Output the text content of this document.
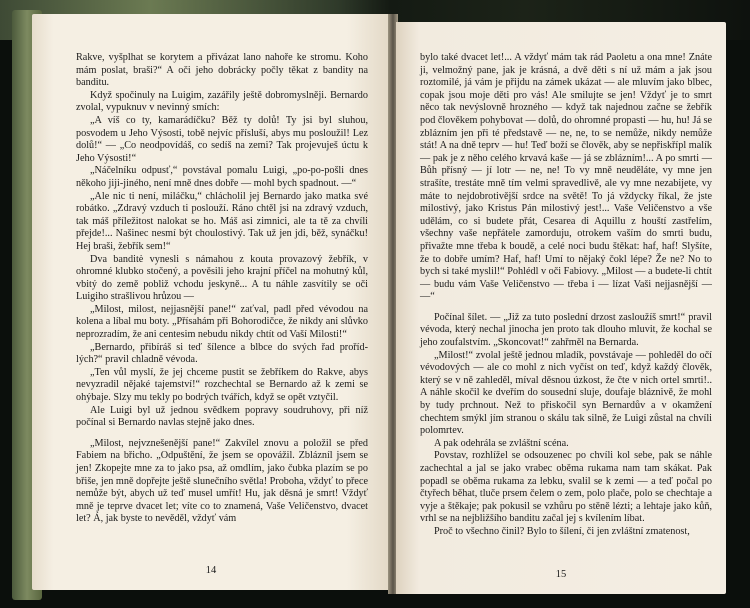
Rakve, vyšplhat se korytem a přivázat lano nahoře ke stromu. Koho mám poslat, braši?“ A oči jeho dobrácky počly těkat z bandity na banditu.

Když spočinuly na Luigim, zazářily ještě dobromyslněji. Bernardo zvolal, vypuknuv v nevinný smích:

„A víš co ty, kamarádíčku? Běž ty dolů! Ty jsi byl sluhou, posvodem u Jeho Výsosti, tobě nejvíc přísluší, abys mu posloužil! Lez dolů!“ — „Co neodpovídáš, co sedíš na zemi? Tak projevuješ úctu k Jeho Výsosti!“

„Náčelníku odpusť,“ povstával pomalu Luigi, „po-po-pošli dnes někoho jiji-jiného, není mně dnes dobře — mohl bych spadnout. —“

„Ale nic ti není, miláčku,“ chlácholil jej Bernardo jako matka své robátko. „Zdravý vzduch ti poslouží. Ráno chtěl jsi na zdravý vzduch, tak máš příležitost nalokat se ho. Máš asi zimnici, ale ta tě za chvíli přejde!... Našinec nesmí být choulostivý. Tak už jen jdi, běž, synáčku! Hej braši, žebřík sem!“

Dva banditė vynesli s námahou z kouta provazový žebřík, v ohromné klubko stočený, a pověsili jeho krajní příčel na mohutný kůl, vbitý do země pobliž vchodu jeskyně... A tu náhle zasvítily se oči Luigiho strašlivou hrůzou —

„Milost, milost, nejjasnější pane!“ zaťval, padl před vévodou na kolena a líbal mu boty. „Přísahám při Bohorodičce, že nikdy ani slůvko neprozradím, že ani centesim nebudu nikdy chtít od Vaší Milosti!“

„Bernardo, přibíráš si teď šílence a blbce do svých řad proříd-lých?“ pravil chladně vévoda.

„Ten vůl myslí, že jej chceme pustit se žebříkem do Rakve, abys nevyzradil nějaké tajemství!“ rozchechtal se Bernardo až k zemi se ohýbaje. Slzy mu tekly po bodrých tvářích, když se opět vztyčil.

Ale Luigi byl už jednou svědkem popravy soudruhovy, při níž počínal si Bernardo navlas stejně jako dnes.

„Milost, nejvznešenější pane!“ Zakvílel znovu a položil se před Fabiem na břicho. „Odpuštění, že jsem se opovážil. Zblázníl jsem se jen! Zkopejte mne za to jako psa, až omdlím, jako čubka plazím se po břiše, jen mně dopřejte ještě slunečního světla! Proboha, vždyť to přece nemůže být, abych už teď musel umřít! Hu, jak děsná je smrt! Vždyť mně je teprve dvacet let; víte co to znamená, Vaše Veličenstvo, dvacet let? Á, jak byste to nevěděl, vždyť vám

14

bylo také dvacet let!... A vždyť mám tak rád Paoletu a ona mne! Znáte ji, velmožný pane, jak je krásná, a dvě děti s ní už mám a jak jsou roztomilé, já vám je přijdu na zámek ukázat — ale mluvím jako blbec, copak jsou moje děti pro vás! Ale smilujte se jen! Vždyť je to smrt něco tak nevýslovně hrozného — když tak najednou začne se žebřík pod člověkem pohybovat — dolů, do ohromné propasti — hu, hu! Já se zblázním jen při té představě — ne, ne, to se nemůže, nikdy nemůže stát! A na dně teprv — hu! Teď boží se člověk, aby se nepřiskřípl malík — pak je z něho celého krvavá kaše — já se zblázním!... A po smrti — Bůh přísný — jí lotr — ne, ne! To vy mně neuděláte, vy mne jen strašíte, trestáte mně tím velmi spravedlivě, ale vy mne nezabijete, vy máte to nejdobrotivější srdce na světě! To já vždycky říkal, že jste milostivý, jako Kristus Pán milostivý jest!... Vaše Veličenstvo a vše udělám, co si budete přát, Cesarea di Aquillu z houští zastřelím, všechny vaše nepřátele zamorduju, otrokem vaším do smrti budu, přivažte mne třeba k boudě, a celé noci budu štěkat: haf, haf! Slyšíte, že to dobře umím? Haf, haf! Umí to nějaký čokl lépe? Že ne? No to bych si také myslil!“ Pohlédl v oči Fabiovy. „Milost — a budete-li chtít — budu vám Vaše Veličenstvo — třeba i — lízat Vaši nejjasnější — —“

Počínal šílet. — „Již za tuto poslední drzost zasloužíš smrt!“ pravil vévoda, který nechal jinocha jen proto tak dlouho mluvit, že kochal se jeho zoufalstvím. „Skoncovat!“ zahřměl na Bernarda.

„Milost!“ zvolal ještě jednou mladík, povstávaje — pohleděl do očí vévodových — ale co mohl z nich vyčíst on teď, když každý člověk, který se v ně zahleděl, míval děsnou úzkost, že čte v nich ortel smrti!.. A náhle skočil ke dveřím do sousední sluje, doufaje bláznivě, že mohl by tudy prchnout. Než to přiskočil syn Bernardův a v okamžení chechtem smýkl jím stranou o skálu tak silně, že Luigi zůstal na chvíli polomrtev.

A pak odehrála se zvláštní scéna.

Povstav, rozhlížel se odsouzenec po chvíli kol sebe, pak se náhle zachechtal a jal se jako vrabec oběma rukama nam tam skákat. Pak popadl se oběma rukama za lebku, svalil se k zemi — a teď počal po čtyřech běhat, tluče prsem čelem o zem, polo plače, polo se chechtaje a vyje a štěkaje; pak pokusil se vzhůru po stěně lézti; a lehtaje jako kůň, vrhl se na nejbližšího banditu začal jej s kvílením líbat.

Proč to všechno činil? Bylo to šílení, či jen zvláštní zmatenost,

15
